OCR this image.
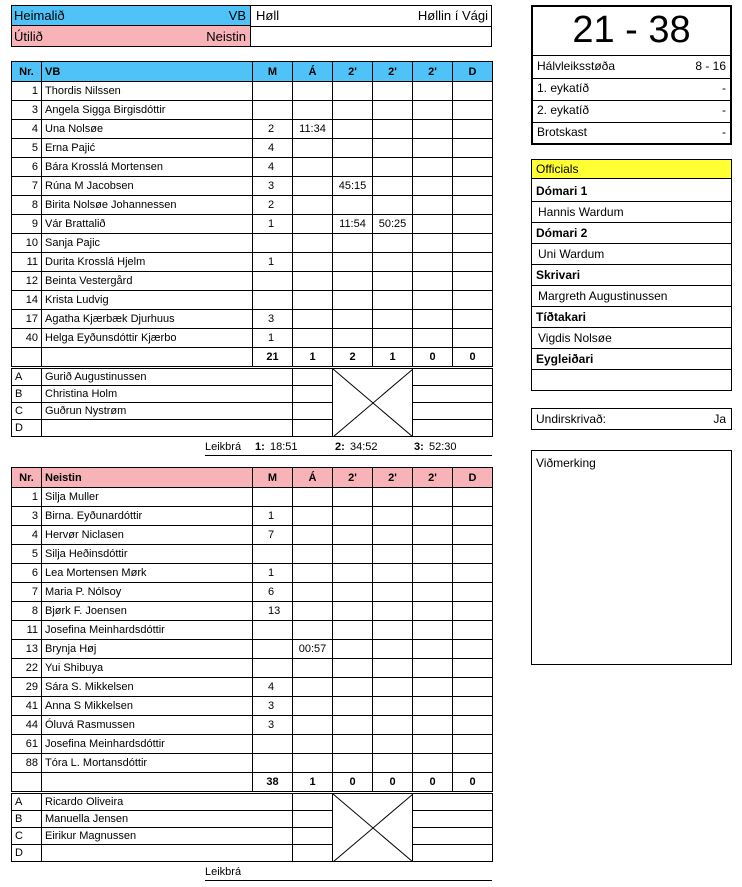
Heimalið	VB
Útilið	Neistin
Høll	Høllin í Vági	21 - 38
Hálvleiksstøða	8 - 16
1. eykatíð	-
2. eykatíð	-
Brotskast	-
Officials
Dómari 1
Hannis Wardum
Dómari 2
Uni Wardum
Skrivari
Margreth Augustinussen
Tíðtakari
Vigdis Nolsøe
Eygleiðari
Undirskrivað:	Ja
Viðmerking
Nr.	VB	M	Á	2'	2'	2'	D
1	Thordis Nilssen						
3	Angela Sigga Birgisdóttir						
4	Una Nolsøe	2	11:34				
5	Erna Pajić	4					
6	Bára Krosslá Mortensen	4					
7	Rúna M Jacobsen	3		45:15			
8	Birita Nolsøe Johannessen	2					
9	Vár Brattalið	1		11:54	50:25		
10	Sanja Pajic						
11	Durita Krosslá Hjelm	1					
12	Beinta Vestergård						
14	Krista Ludvig						
17	Agatha Kjærbæk Djurhuus	3					
40	Helga Eyðunsdóttir Kjærbo	1					
		21	1	2	1	0	0
A	Gurið Augustinussen		

B	Christina Holm			
C	Guðrun Nystrøm			
D				
Leikbrá 1: 18:51	2: 34:52	3: 52:30
Nr.	Neistin	M	Á	2'	2'	2'	D
1	Silja Muller						
3	Birna. Eyðunardóttir	1					
4	Hervør Niclasen	7					
5	Silja Heðinsdóttir						
6	Lea Mortensen Mørk	1					
7	Maria P. Nólsoy	6					
8	Bjørk F. Joensen	13					
11	Josefina Meinhardsdóttir						
13	Brynja Høj		00:57				
22	Yui Shibuya						
29	Sára S. Mikkelsen	4					
41	Anna S Mikkelsen	3					
44	Óluvá Rasmussen	3					
61	Josefina Meinhardsdóttir						
88	Tóra L. Mortansdóttir						
		38	1	0	0	0	0
A	Ricardo Oliveira		

B	Manuella Jensen			
C	Eirikur Magnussen			
D				
Leikbrá
